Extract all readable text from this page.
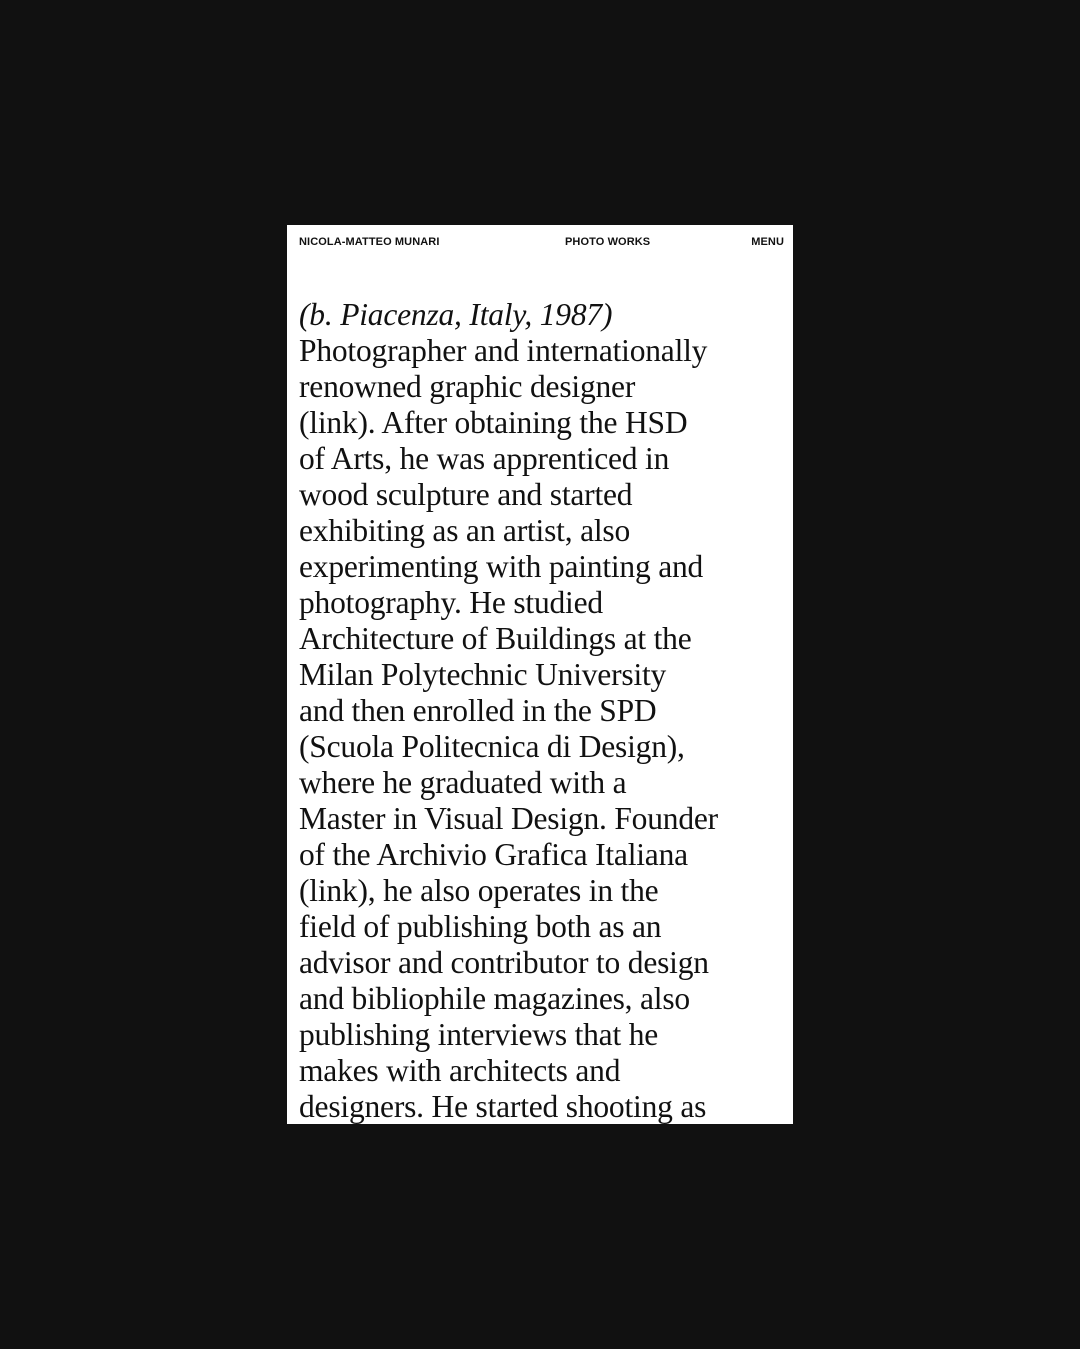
NICOLA-MATTEO MUNARI	PHOTO WORKS	MENU
(b. Piacenza, Italy, 1987)
Photographer and internationally
renowned graphic designer
(link). After obtaining the HSD
of Arts, he was apprenticed in
wood sculpture and started
exhibiting as an artist, also
experimenting with painting and
photography. He studied
Architecture of Buildings at the
Milan Polytechnic University
and then enrolled in the SPD
(Scuola Politecnica di Design),
where he graduated with a
Master in Visual Design. Founder
of the Archivio Grafica Italiana
(link), he also operates in the
field of publishing both as an
advisor and contributor to design
and bibliophile magazines, also
publishing interviews that he
makes with architects and
designers. He started shooting as
